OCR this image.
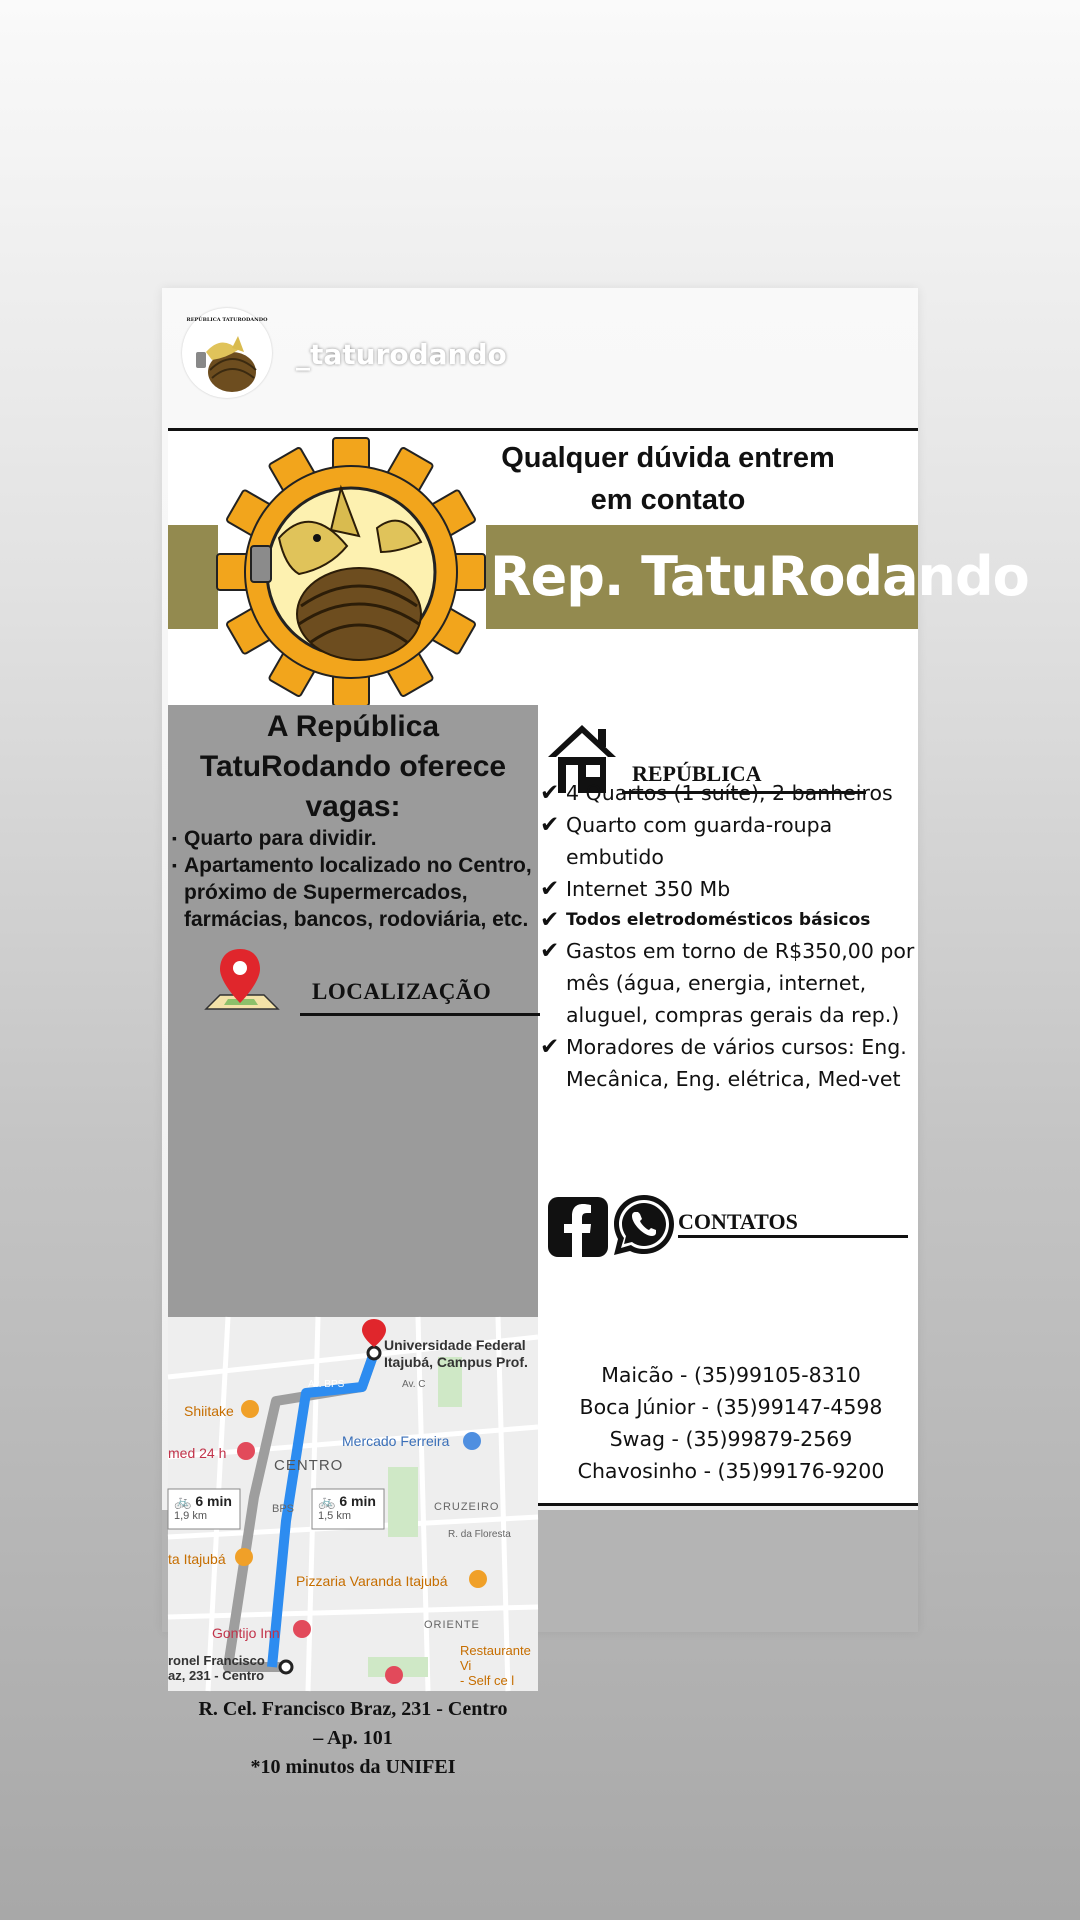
REPÚBLICA TATURODANDO
_taturodando
Qualquer dúvida entrem
em contato
Rep. TatuRodando
A República
TatuRodando oferece
vagas:
▪ Quarto para dividir.
▪ Apartamento localizado no Centro, próximo de Supermercados, farmácias, bancos, rodoviária, etc.
LOCALIZAÇÃO
Universidade Federal
Itajubá, Campus Prof.
Av. BPS	Av. C
Shiitake
med 24 h
Mercado Ferreira
CENTRO
BPS	CRUZEIRO
R. da Floresta
ta Itajubá
Pizzaria Varanda Itajubá
ORIENTE
Gontijo Inn
Restaurante Vi
- Self ce l
ronel Francisco
az, 231 - Centro
🚲 6 min
1,9 km
🚲 6 min
1,5 km
R. Cel. Francisco Braz, 231 - Centro
– Ap. 101
*10 minutos da UNIFEI
REPÚBLICA
✔ 4 Quartos (1 suíte), 2 banheiros
✔ Quarto com guarda-roupa embutido
✔ Internet 350 Mb
✔ Todos eletrodomésticos básicos
✔ Gastos em torno de R$350,00 por mês (água, energia, internet, aluguel, compras gerais da rep.)
✔ Moradores de vários cursos: Eng. Mecânica, Eng. elétrica, Med-vet
CONTATOS
Maicão - (35)99105-8310
Boca Júnior - (35)99147-4598
Swag - (35)99879-2569
Chavosinho - (35)99176-9200
